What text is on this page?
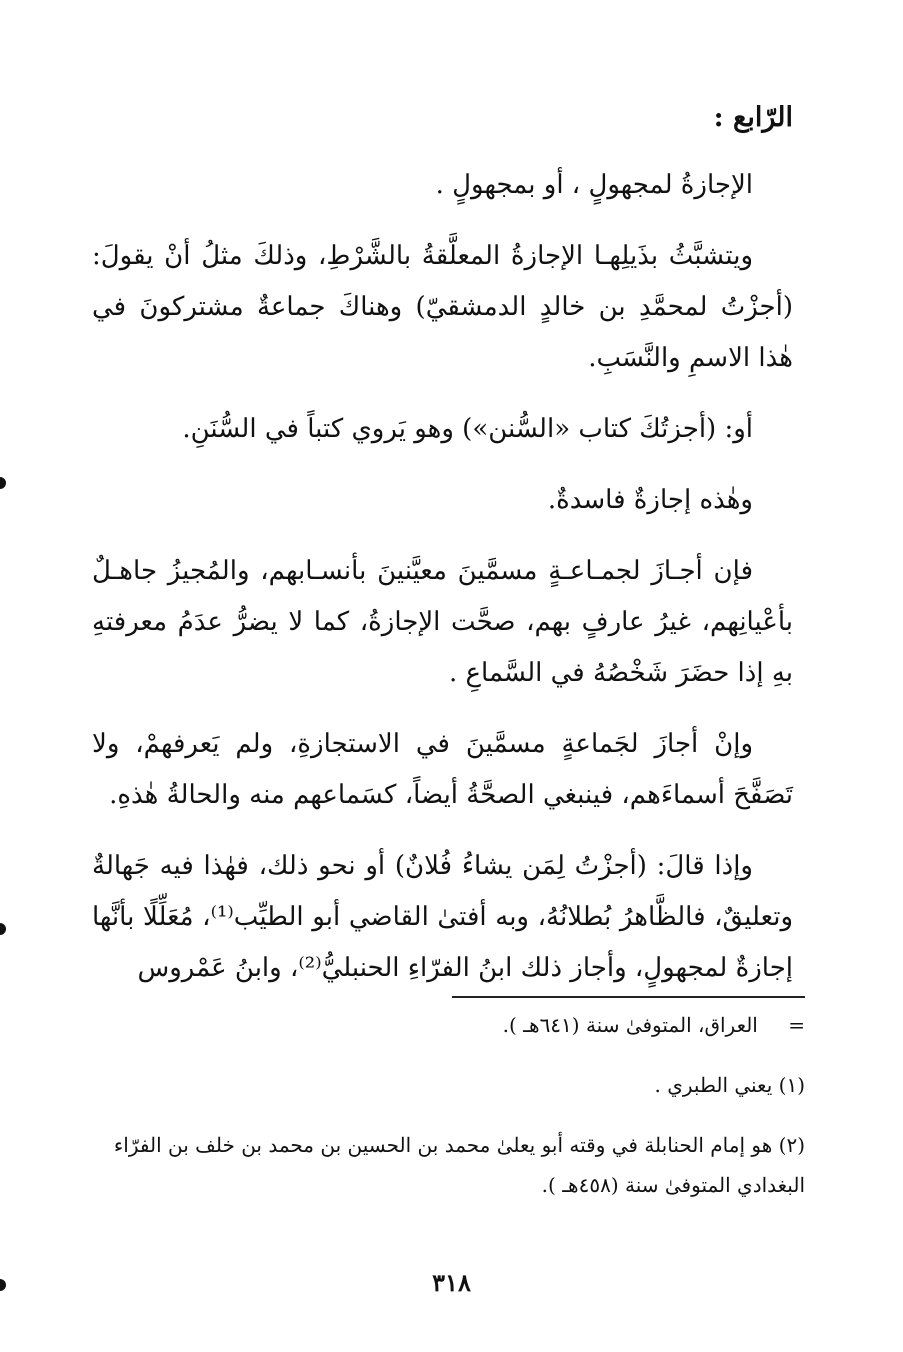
الرّابع :

الإجازةُ لمجهولٍ ، أو بمجهولٍ .

ويتشبَّثُ بذَيلِهـا الإجازةُ المعلَّقةُ بالشَّرْطِ، وذلكَ مثلُ أنْ يقولَ: (أجزْتُ لمحمَّدِ بن خالدٍ الدمشقيّ) وهناكَ جماعةٌ مشتركونَ في هٰذا الاسمِ والنَّسَبِ.

أو: (أجزتُكَ كتاب «السُّنن») وهو يَروي كتباً في السُّنَنِ.

وهٰذه إجازةٌ فاسدةٌ.

فإن أجـازَ لجمـاعـةٍ مسمَّينَ معيَّنينَ بأنسـابهم، والمُجيزُ جاهـلٌ بأعْيانِهم، غيرُ عارفٍ بهم، صحَّت الإجازةُ، كما لا يضرُّ عدَمُ معرفتهِ بهِ إذا حضَرَ شَخْصُهُ في السَّماعِ .

وإنْ أجازَ لجَماعةٍ مسمَّينَ في الاستجازةِ، ولم يَعرفهمْ، ولا تَصَفَّحَ أسماءَهم، فينبغي الصحَّةُ أيضاً، كسَماعهم منه والحالةُ هٰذهِ.

وإذا قالَ: (أجزْتُ لِمَن يشاءُ فُلانٌ) أو نحو ذلك، فهٰذا فيه جَهالةٌ وتعليقٌ، فالظَّاهرُ بُطلانُهُ، وبه أفتىٰ القاضي أبو الطيِّب⁽¹⁾، مُعَلِّلًا بأنَّها إجازةٌ لمجهولٍ، وأجاز ذلك ابنُ الفرّاءِ الحنبليُّ⁽²⁾، وابنُ عَمْروس

= العراق، المتوفىٰ سنة (٦٤١هـ ).
(١) يعني الطبري .
(٢) هو إمام الحنابلة في وقته أبو يعلىٰ محمد بن الحسين بن محمد بن خلف بن الفرّاء البغدادي المتوفىٰ سنة (٤٥٨هـ ).
٣١٨
